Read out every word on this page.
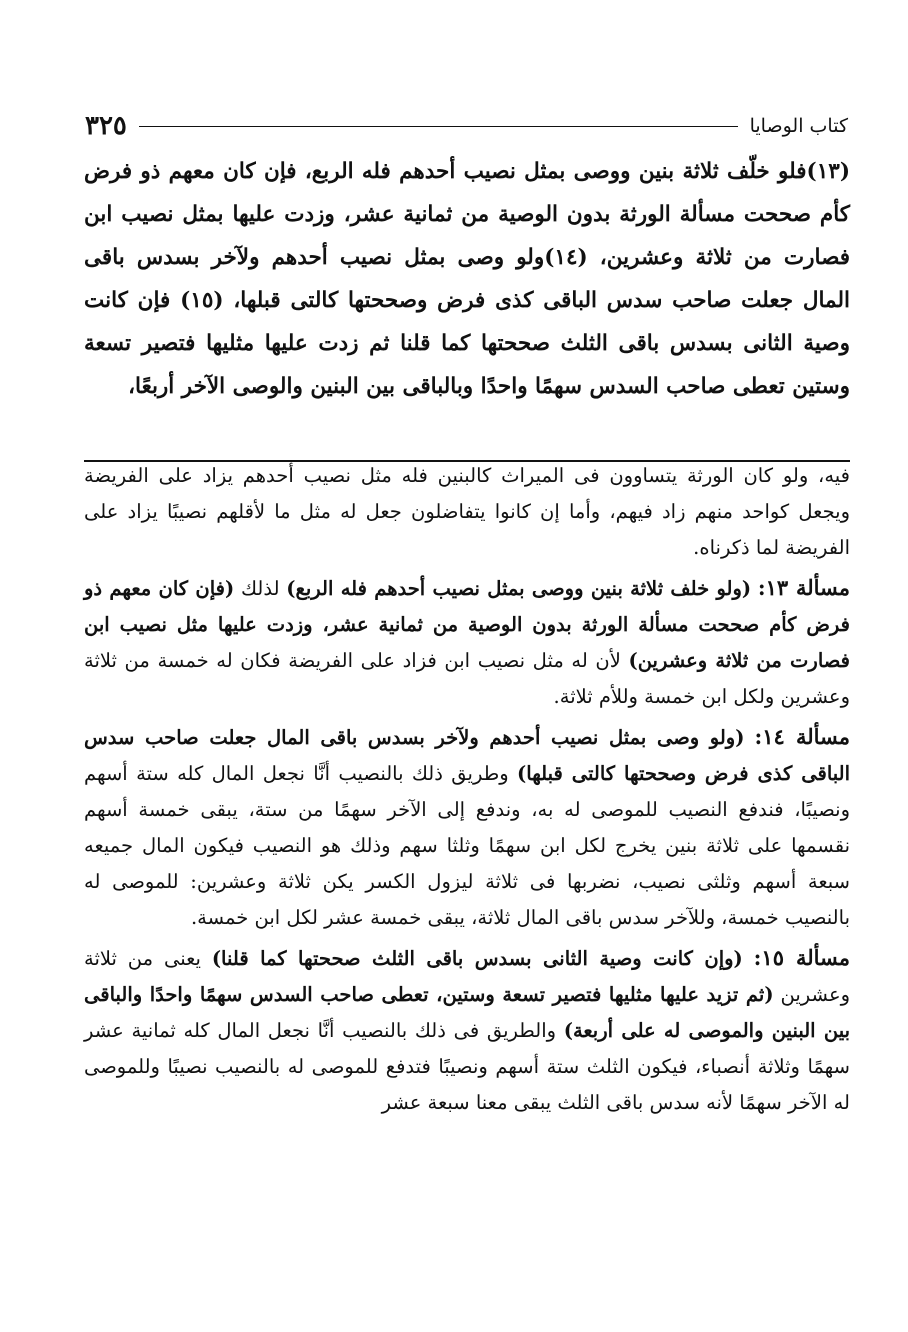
كتاب الوصايا
٣٢٥

(١٣)فلو خلّف ثلاثة بنين ووصى بمثل نصيب أحدهم فله الربع، فإن كان معهم ذو فرض كأم صححت مسألة الورثة بدون الوصية من ثمانية عشر، وزدت عليها بمثل نصيب ابن فصارت من ثلاثة وعشرين، (١٤)ولو وصى بمثل نصيب أحدهم ولآخر بسدس باقى المال جعلت صاحب سدس الباقى كذى فرض وصححتها كالتى قبلها، (١٥) فإن كانت وصية الثانى بسدس باقى الثلث صححتها كما قلنا ثم زدت عليها مثليها فتصير تسعة وستين تعطى صاحب السدس سهمًا واحدًا وبالباقى بين البنين والوصى الآخر أربعًا،

فيه، ولو كان الورثة يتساوون فى الميراث كالبنين فله مثل نصيب أحدهم يزاد على الفريضة ويجعل كواحد منهم زاد فيهم، وأما إن كانوا يتفاضلون جعل له مثل ما لأقلهم نصيبًا يزاد على الفريضة لما ذكرناه.

مسألة ١٣: (ولو خلف ثلاثة بنين ووصى بمثل نصيب أحدهم فله الربع) لذلك (فإن كان معهم ذو فرض كأم صححت مسألة الورثة بدون الوصية من ثمانية عشر، وزدت عليها مثل نصيب ابن فصارت من ثلاثة وعشرين) لأن له مثل نصيب ابن فزاد على الفريضة فكان له خمسة من ثلاثة وعشرين ولكل ابن خمسة وللأم ثلاثة.

مسألة ١٤: (ولو وصى بمثل نصيب أحدهم ولآخر بسدس باقى المال جعلت صاحب سدس الباقى كذى فرض وصححتها كالتى قبلها) وطريق ذلك بالنصيب أنَّا نجعل المال كله ستة أسهم ونصيبًا، فندفع النصيب للموصى له به، وندفع إلى الآخر سهمًا من ستة، يبقى خمسة أسهم نقسمها على ثلاثة بنين يخرج لكل ابن سهمًا وثلثا سهم وذلك هو النصيب فيكون المال جميعه سبعة أسهم وثلثى نصيب، نضربها فى ثلاثة ليزول الكسر يكن ثلاثة وعشرين: للموصى له بالنصيب خمسة، وللآخر سدس باقى المال ثلاثة، يبقى خمسة عشر لكل ابن خمسة.

مسألة ١٥: (وإن كانت وصية الثانى بسدس باقى الثلث صححتها كما قلنا) يعنى من ثلاثة وعشرين (ثم تزيد عليها مثليها فتصير تسعة وستين، تعطى صاحب السدس سهمًا واحدًا والباقى بين البنين والموصى له على أربعة) والطريق فى ذلك بالنصيب أنَّا نجعل المال كله ثمانية عشر سهمًا وثلاثة أنصباء، فيكون الثلث ستة أسهم ونصيبًا فتدفع للموصى له بالنصيب نصيبًا وللموصى له الآخر سهمًا لأنه سدس باقى الثلث يبقى معنا سبعة عشر
